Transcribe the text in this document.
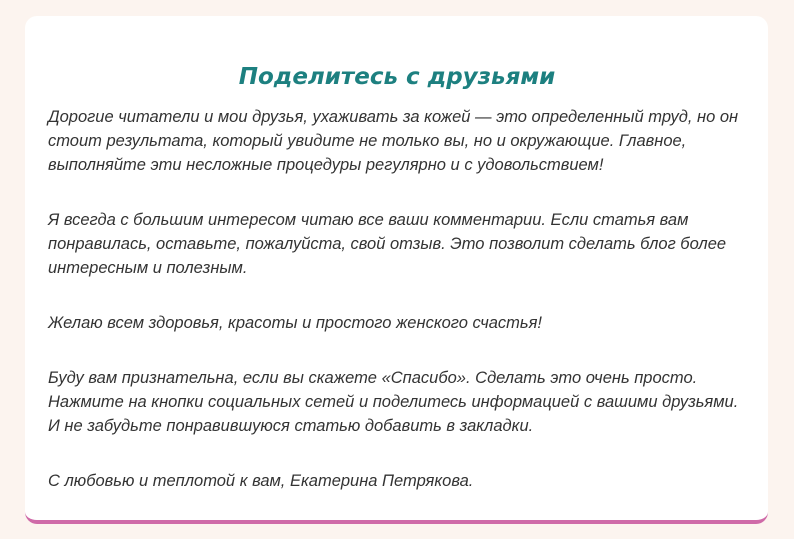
Поделитесь с друзьями

Дорогие читатели и мои друзья, ухаживать за кожей — это определенный труд, но он стоит результата, который увидите не только вы, но и окружающие. Главное, выполняйте эти несложные процедуры регулярно и с удовольствием!

Я всегда с большим интересом читаю все ваши комментарии. Если статья вам понравилась, оставьте, пожалуйста, свой отзыв. Это позволит сделать блог более интересным и полезным.

Желаю всем здоровья, красоты и простого женского счастья!

Буду вам признательна, если вы скажете «Спасибо». Сделать это очень просто. Нажмите на кнопки социальных сетей и поделитесь информацией с вашими друзьями. И не забудьте понравившуюся статью добавить в закладки.

С любовью и теплотой к вам, Екатерина Петрякова.
